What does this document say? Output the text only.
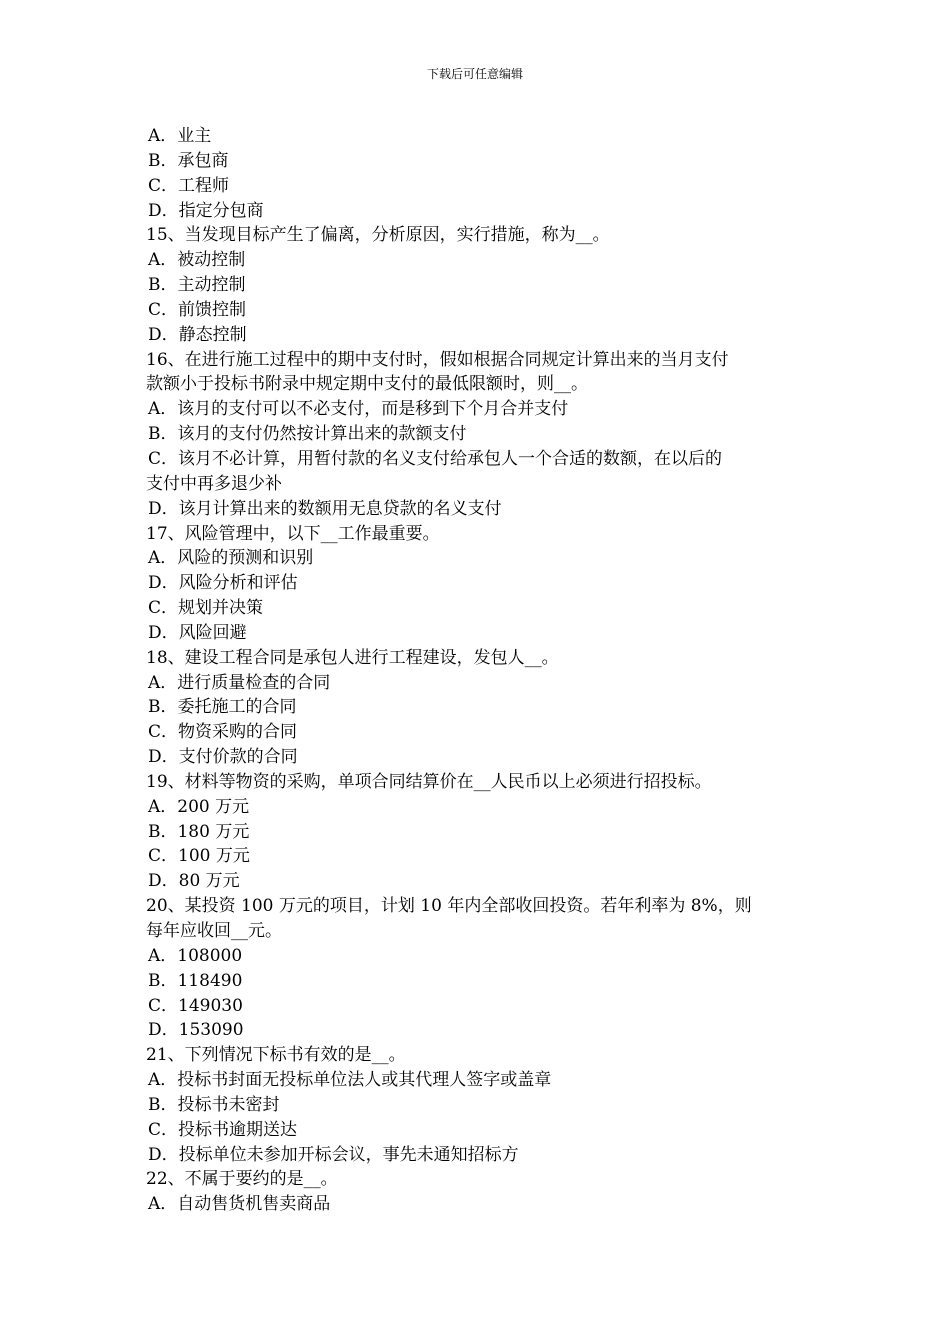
下载后可任意编辑
A．业主
B．承包商
C．工程师
D．指定分包商
15、当发现目标产生了偏离，分析原因，实行措施，称为__。
A．被动控制
B．主动控制
C．前馈控制
D．静态控制
16、在进行施工过程中的期中支付时，假如根据合同规定计算出来的当月支付
款额小于投标书附录中规定期中支付的最低限额时，则__。
A．该月的支付可以不必支付，而是移到下个月合并支付
B．该月的支付仍然按计算出来的款额支付
C．该月不必计算，用暂付款的名义支付给承包人一个合适的数额，在以后的
支付中再多退少补
D．该月计算出来的数额用无息贷款的名义支付
17、风险管理中，以下__工作最重要。
A．风险的预测和识别
D．风险分析和评估
C．规划并决策
D．风险回避
18、建设工程合同是承包人进行工程建设，发包人__。
A．进行质量检查的合同
B．委托施工的合同
C．物资采购的合同
D．支付价款的合同
19、材料等物资的采购，单项合同结算价在__人民币以上必须进行招投标。
A．200 万元
B．180 万元
C．100 万元
D．80 万元
20、某投资 100 万元的项目，计划 10 年内全部收回投资。若年利率为 8%，则
每年应收回__元。
A．108000
B．118490
C．149030
D．153090
21、下列情况下标书有效的是__。
A．投标书封面无投标单位法人或其代理人签字或盖章
B．投标书未密封
C．投标书逾期送达
D．投标单位未参加开标会议，事先未通知招标方
22、不属于要约的是__。
A．自动售货机售卖商品
